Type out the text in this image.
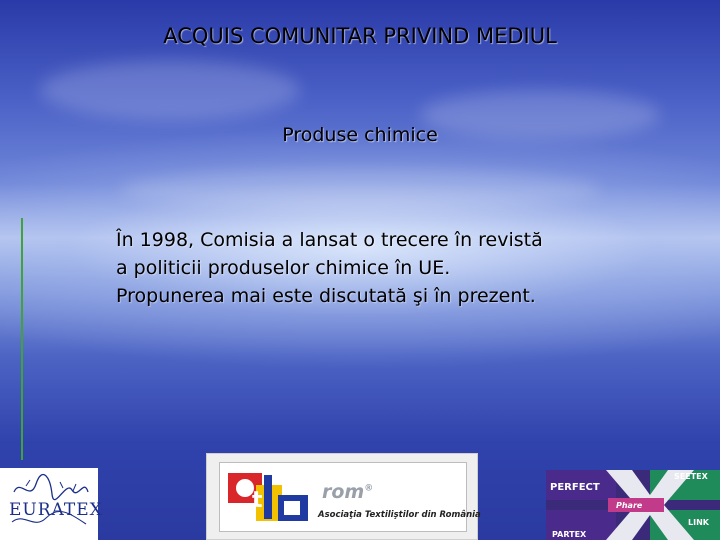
ACQUIS COMUNITAR PRIVIND MEDIUL
Produse chimice
În 1998, Comisia a lansat o trecere în revistă
a politicii produselor chimice în UE.
Propunerea mai este discutată şi în prezent.
EURATEX	t	rom®
Asociaţia Textiliştilor din România
PERFECT
SEETEX
Phare
LINK
PARTEX
